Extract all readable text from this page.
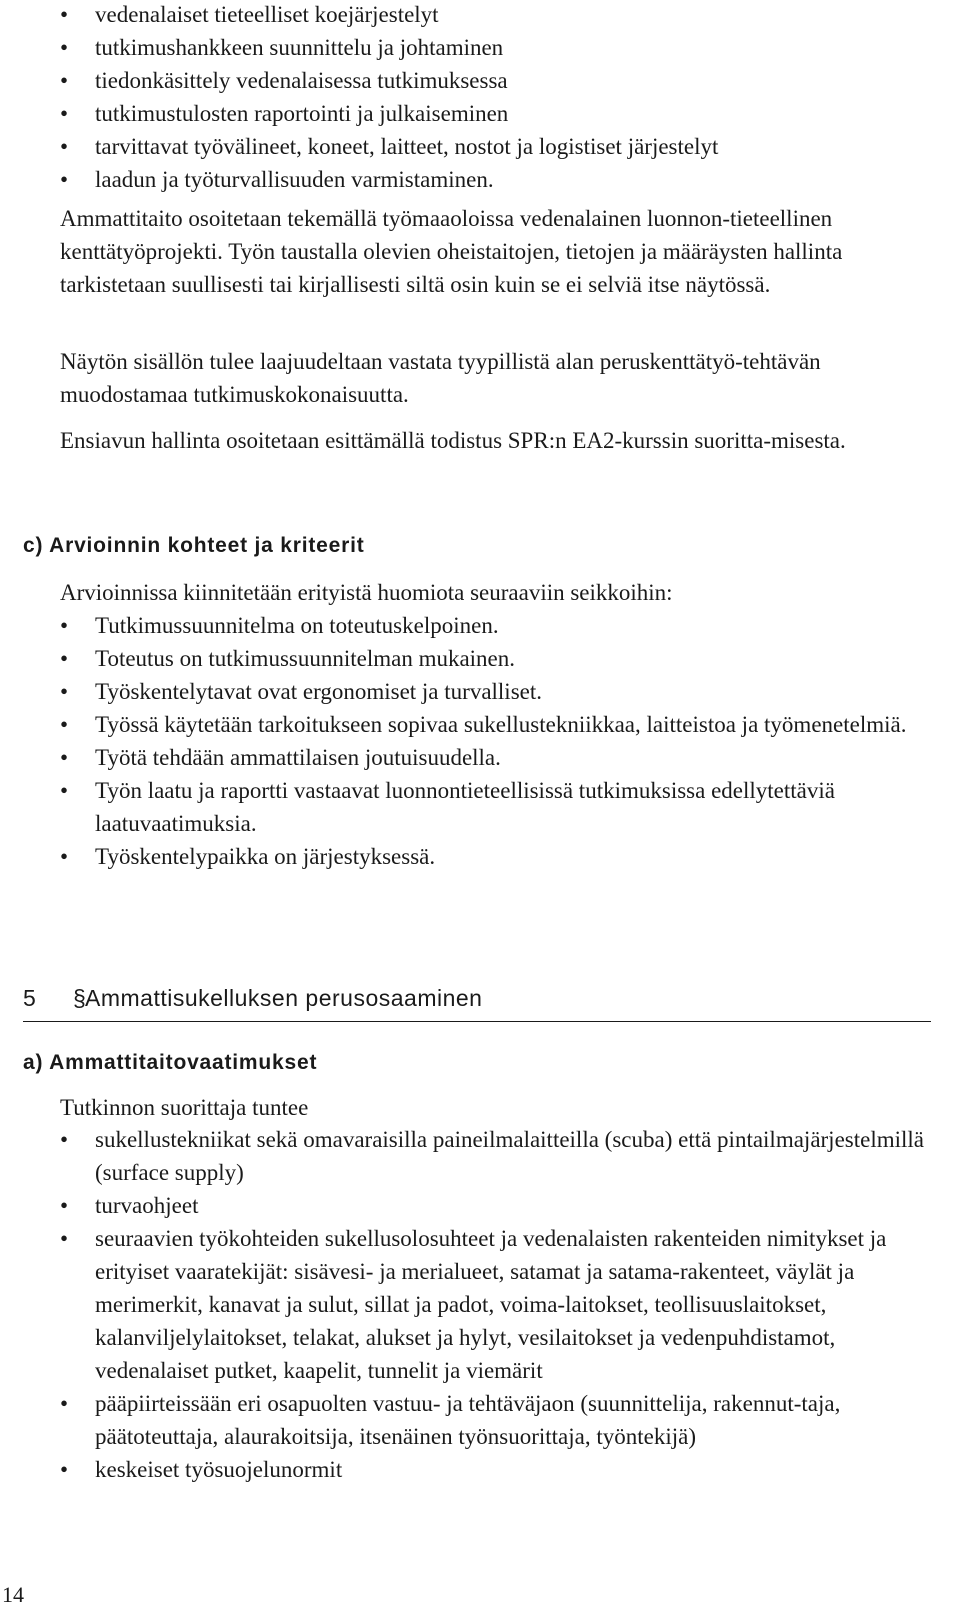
•
vedenalaiset tieteelliset koejärjestelyt
•
tutkimushankkeen suunnittelu ja johtaminen
•
tiedonkäsittely vedenalaisessa tutkimuksessa
•
tutkimustulosten raportointi ja julkaiseminen
•
tarvittavat työvälineet, koneet, laitteet, nostot ja logistiset järjestelyt
•
laadun ja työturvallisuuden varmistaminen.

Ammattitaito osoitetaan tekemällä työmaaoloissa vedenalainen luonnon-tieteellinen kenttätyöprojekti. Työn taustalla olevien oheistaitojen, tietojen ja määräysten hallinta tarkistetaan suullisesti tai kirjallisesti siltä osin kuin se ei selviä itse näytössä.

Näytön sisällön tulee laajuudeltaan vastata tyypillistä alan peruskenttätyö-tehtävän muodostamaa tutkimuskokonaisuutta.

Ensiavun hallinta osoitetaan esittämällä todistus SPR:n EA2-kurssin suoritta-misesta.

c) Arvioinnin kohteet ja kriteerit

Arvioinnissa kiinnitetään erityistä huomiota seuraaviin seikkoihin:

•
Tutkimussuunnitelma on toteutuskelpoinen.
•
Toteutus on tutkimussuunnitelman mukainen.
•
Työskentelytavat ovat ergonomiset ja turvalliset.
•
Työssä käytetään tarkoitukseen sopivaa sukellustekniikkaa, laitteistoa ja työmenetelmiä.
•
Työtä tehdään ammattilaisen joutuisuudella.
•
Työn laatu ja raportti vastaavat luonnontieteellisissä tutkimuksissa edellytettäviä laatuvaatimuksia.
•
Työskentelypaikka on järjestyksessä.
5 §
Ammattisukelluksen perusosaaminen
a) Ammattitaitovaatimukset

Tutkinnon suorittaja tuntee

•
sukellustekniikat sekä omavaraisilla paineilmalaitteilla (scuba) että pintailmajärjestelmillä (surface supply)
•
turvaohjeet
•
seuraavien työkohteiden sukellusolosuhteet ja vedenalaisten rakenteiden nimitykset ja erityiset vaaratekijät: sisävesi- ja merialueet, satamat ja satama-rakenteet, väylät ja merimerkit, kanavat ja sulut, sillat ja padot, voima-laitokset, teollisuuslaitokset, kalanviljelylaitokset, telakat, alukset ja hylyt, vesilaitokset ja vedenpuhdistamot, vedenalaiset putket, kaapelit, tunnelit ja viemärit
•
pääpiirteissään eri osapuolten vastuu- ja tehtäväjaon (suunnittelija, rakennut-taja, päätoteuttaja, alaurakoitsija, itsenäinen työnsuorittaja, työntekijä)
•
keskeiset työsuojelunormit
14
